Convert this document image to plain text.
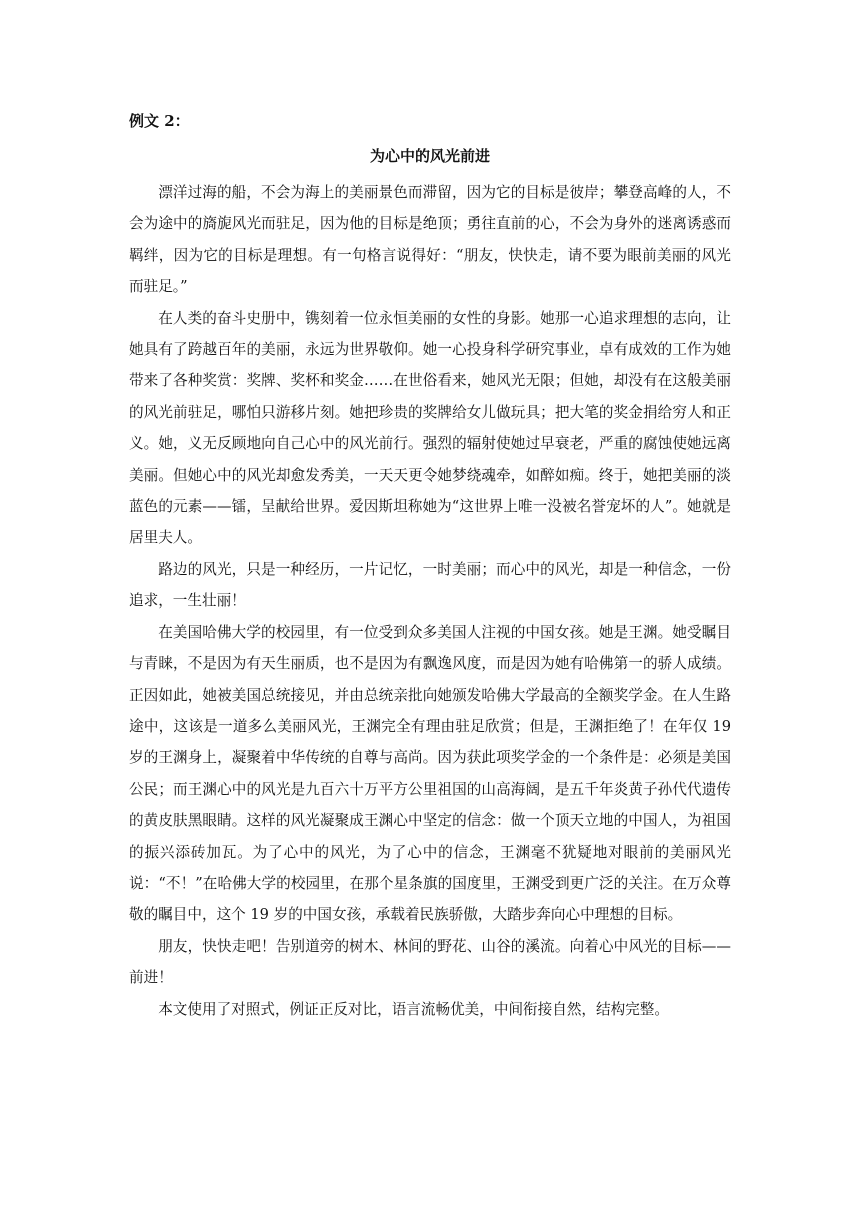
例文 2：
为心中的风光前进

漂洋过海的船，不会为海上的美丽景色而滞留，因为它的目标是彼岸；攀登高峰的人，不会为途中的旖旎风光而驻足，因为他的目标是绝顶；勇往直前的心，不会为身外的迷离诱惑而羁绊，因为它的目标是理想。有一句格言说得好：“朋友，快快走，请不要为眼前美丽的风光而驻足。”

在人类的奋斗史册中，镌刻着一位永恒美丽的女性的身影。她那一心追求理想的志向，让她具有了跨越百年的美丽，永远为世界敬仰。她一心投身科学研究事业，卓有成效的工作为她带来了各种奖赏：奖牌、奖杯和奖金……在世俗看来，她风光无限；但她，却没有在这般美丽的风光前驻足，哪怕只游移片刻。她把珍贵的奖牌给女儿做玩具；把大笔的奖金捐给穷人和正义。她，义无反顾地向自己心中的风光前行。强烈的辐射使她过早衰老，严重的腐蚀使她远离美丽。但她心中的风光却愈发秀美，一天天更令她梦绕魂牵，如醉如痴。终于，她把美丽的淡蓝色的元素——镭，呈献给世界。爱因斯坦称她为“这世界上唯一没被名誉宠坏的人”。她就是居里夫人。

路边的风光，只是一种经历，一片记忆，一时美丽；而心中的风光，却是一种信念，一份追求，一生壮丽！

在美国哈佛大学的校园里，有一位受到众多美国人注视的中国女孩。她是王渊。她受瞩目与青睐，不是因为有天生丽质，也不是因为有飘逸风度，而是因为她有哈佛第一的骄人成绩。正因如此，她被美国总统接见，并由总统亲批向她颁发哈佛大学最高的全额奖学金。在人生路途中，这该是一道多么美丽风光，王渊完全有理由驻足欣赏；但是，王渊拒绝了！在年仅 19 岁的王渊身上，凝聚着中华传统的自尊与高尚。因为获此项奖学金的一个条件是：必须是美国公民；而王渊心中的风光是九百六十万平方公里祖国的山高海阔，是五千年炎黄子孙代代遗传的黄皮肤黑眼睛。这样的风光凝聚成王渊心中坚定的信念：做一个顶天立地的中国人，为祖国的振兴添砖加瓦。为了心中的风光，为了心中的信念，王渊毫不犹疑地对眼前的美丽风光说：“不！”在哈佛大学的校园里，在那个星条旗的国度里，王渊受到更广泛的关注。在万众尊敬的瞩目中，这个 19 岁的中国女孩，承载着民族骄傲，大踏步奔向心中理想的目标。

朋友，快快走吧！告别道旁的树木、林间的野花、山谷的溪流。向着心中风光的目标——前进！

本文使用了对照式，例证正反对比，语言流畅优美，中间衔接自然，结构完整。
